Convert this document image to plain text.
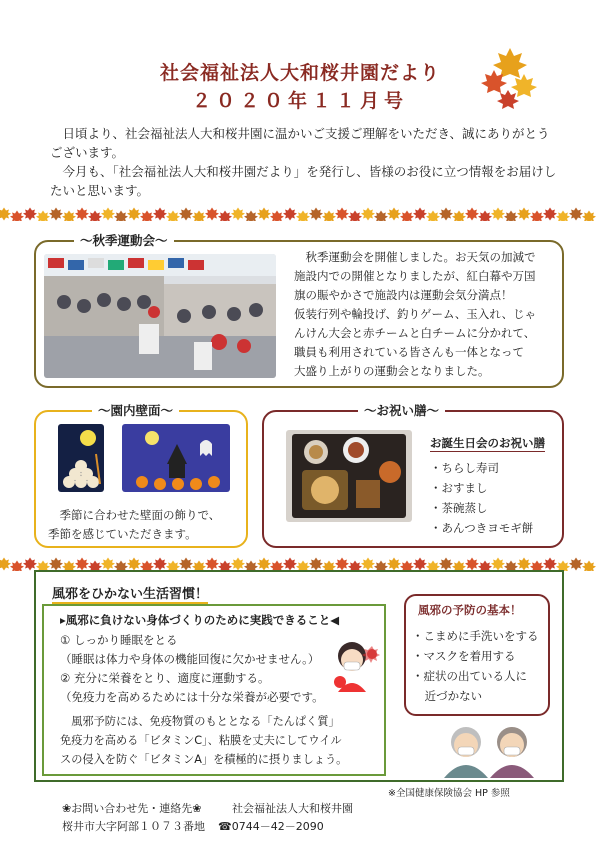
社会福祉法人大和桜井園だより
２０２０年１１月号

日頃より、社会福祉法人大和桜井園に温かいご支援ご理解をいただき、誠にありがとうございます。

今月も、「社会福祉法人大和桜井園だより」を発行し、皆様のお役に立つ情報をお届けしたいと思います。

～秋季運動会～
秋季運動会を開催しました。お天気の加減で
施設内での開催となりましたが、紅白幕や万国
旗の賑やかさで施設内は運動会気分満点！
仮装行列や輪投げ、釣りゲーム、玉入れ、じゃ
んけん大会と赤チームと白チームに分かれて、
職員も利用されている皆さんも一体となって
大盛り上がりの運動会となりました。
～園内壁面～
季節に合わせた壁面の飾りで、
季節を感じていただきます。
～お祝い膳～
お誕生日会のお祝い膳
・ちらし寿司
・おすまし
・茶碗蒸し
・あんつきヨモギ餅
風邪をひかない生活習慣！
▸風邪に負けない身体づくりのために実践できること◀
① しっかり睡眠をとる
（睡眠は体力や身体の機能回復に欠かせません。）
② 充分に栄養をとり、適度に運動する。
（免疫力を高めるためには十分な栄養が必要です。
風邪予防には、免疫物質のもととなる「たんぱく質」
免疫力を高める「ビタミンC」、粘膜を丈夫にしてウイル
スの侵入を防ぐ「ビタミンA」を積極的に摂りましょう。
風邪の予防の基本！
・こまめに手洗いをする
・マスクを着用する
・症状の出ている人に
近づかない
※全国健康保険協会 HP 参照
❀お問い合わせ先・連絡先❀	社会福祉法人大和桜井園
桜井市大字阿部１０７３番地 ☎0744－42－2090
